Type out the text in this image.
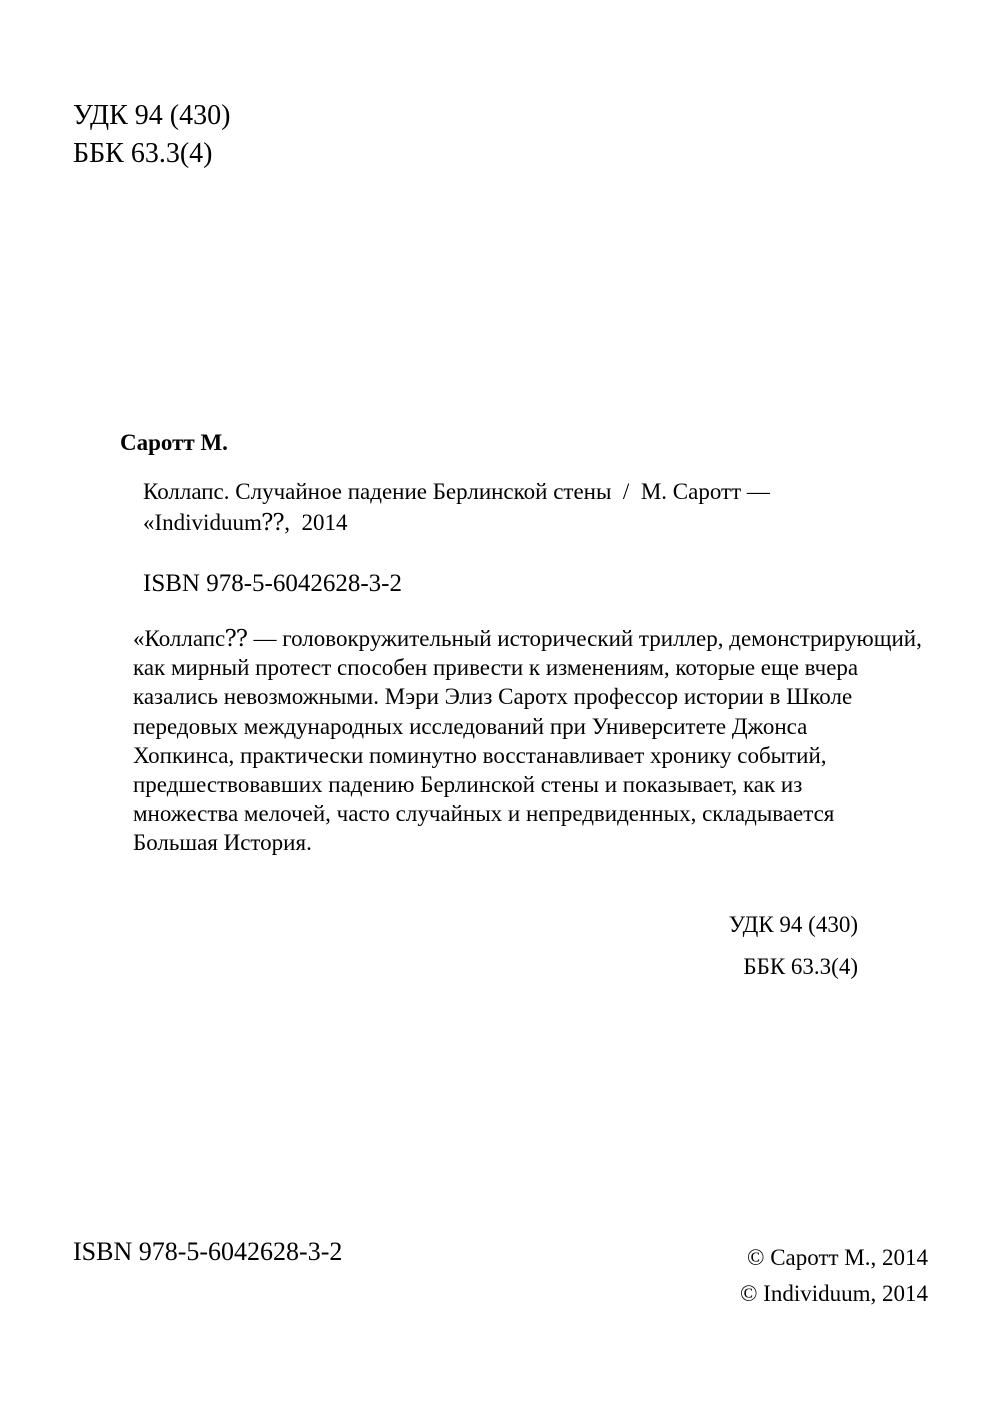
УДК 94 (430)
ББК 63.3(4)
Саротт М.
Коллапс. Случайное падение Берлинской стены  /  М. Саротт —
«Individuum⁇,  2014
ISBN 978-5-6042628-3-2
«Коллапс⁇ — головокружительный исторический триллер, демонстрирующий,
как мирный протест способен привести к изменениям, которые еще вчера
казались невозможными. Мэри Элиз Саротх профессор истории в Школе
передовых международных исследований при Университете Джонса
Хопкинса, практически поминутно восстанавливает хронику событий,
предшествовавших падению Берлинской стены и показывает, как из
множества мелочей, часто случайных и непредвиденных, складывается
Большая История.
УДК 94 (430)
ББК 63.3(4)
ISBN 978-5-6042628-3-2	© Саротт М., 2014
© Individuum, 2014
